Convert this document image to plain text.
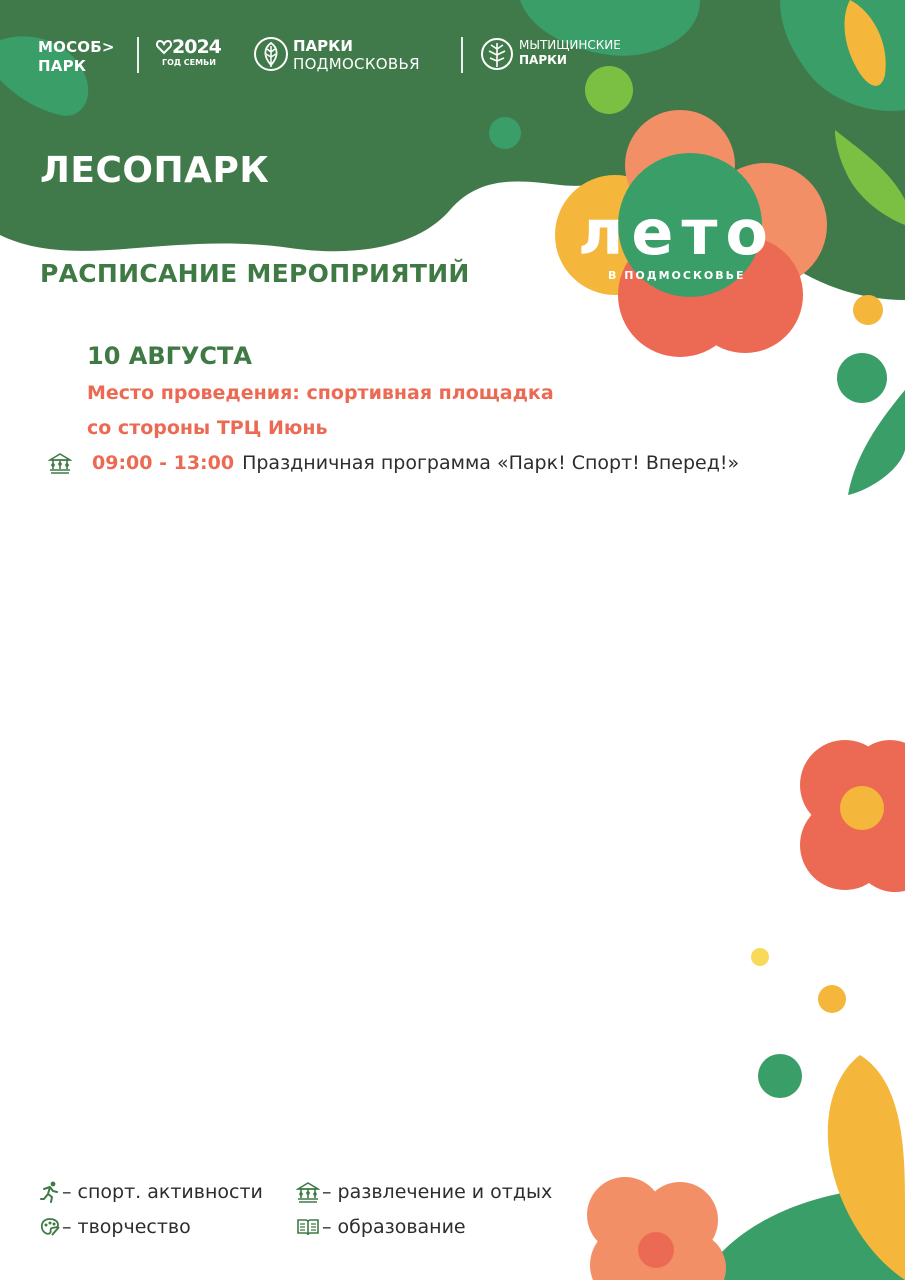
МОСОБ>
ПАРК
2024
ГОД СЕМЬИ
ПАРКИ
ПОДМОСКОВЬЯ
МЫТИЩИНСКИЕ
ПАРКИ
ЛЕСОПАРК
лето
В ПОДМОСКОВЬЕ
РАСПИСАНИЕ МЕРОПРИЯТИЙ
10 АВГУСТА
Место проведения: спортивная площадка
со стороны ТРЦ Июнь
09:00 - 13:00 Праздничная программа «Парк! Спорт! Вперед!»
– спорт. активности	– развлечение и отдых
– творчество	– образование
